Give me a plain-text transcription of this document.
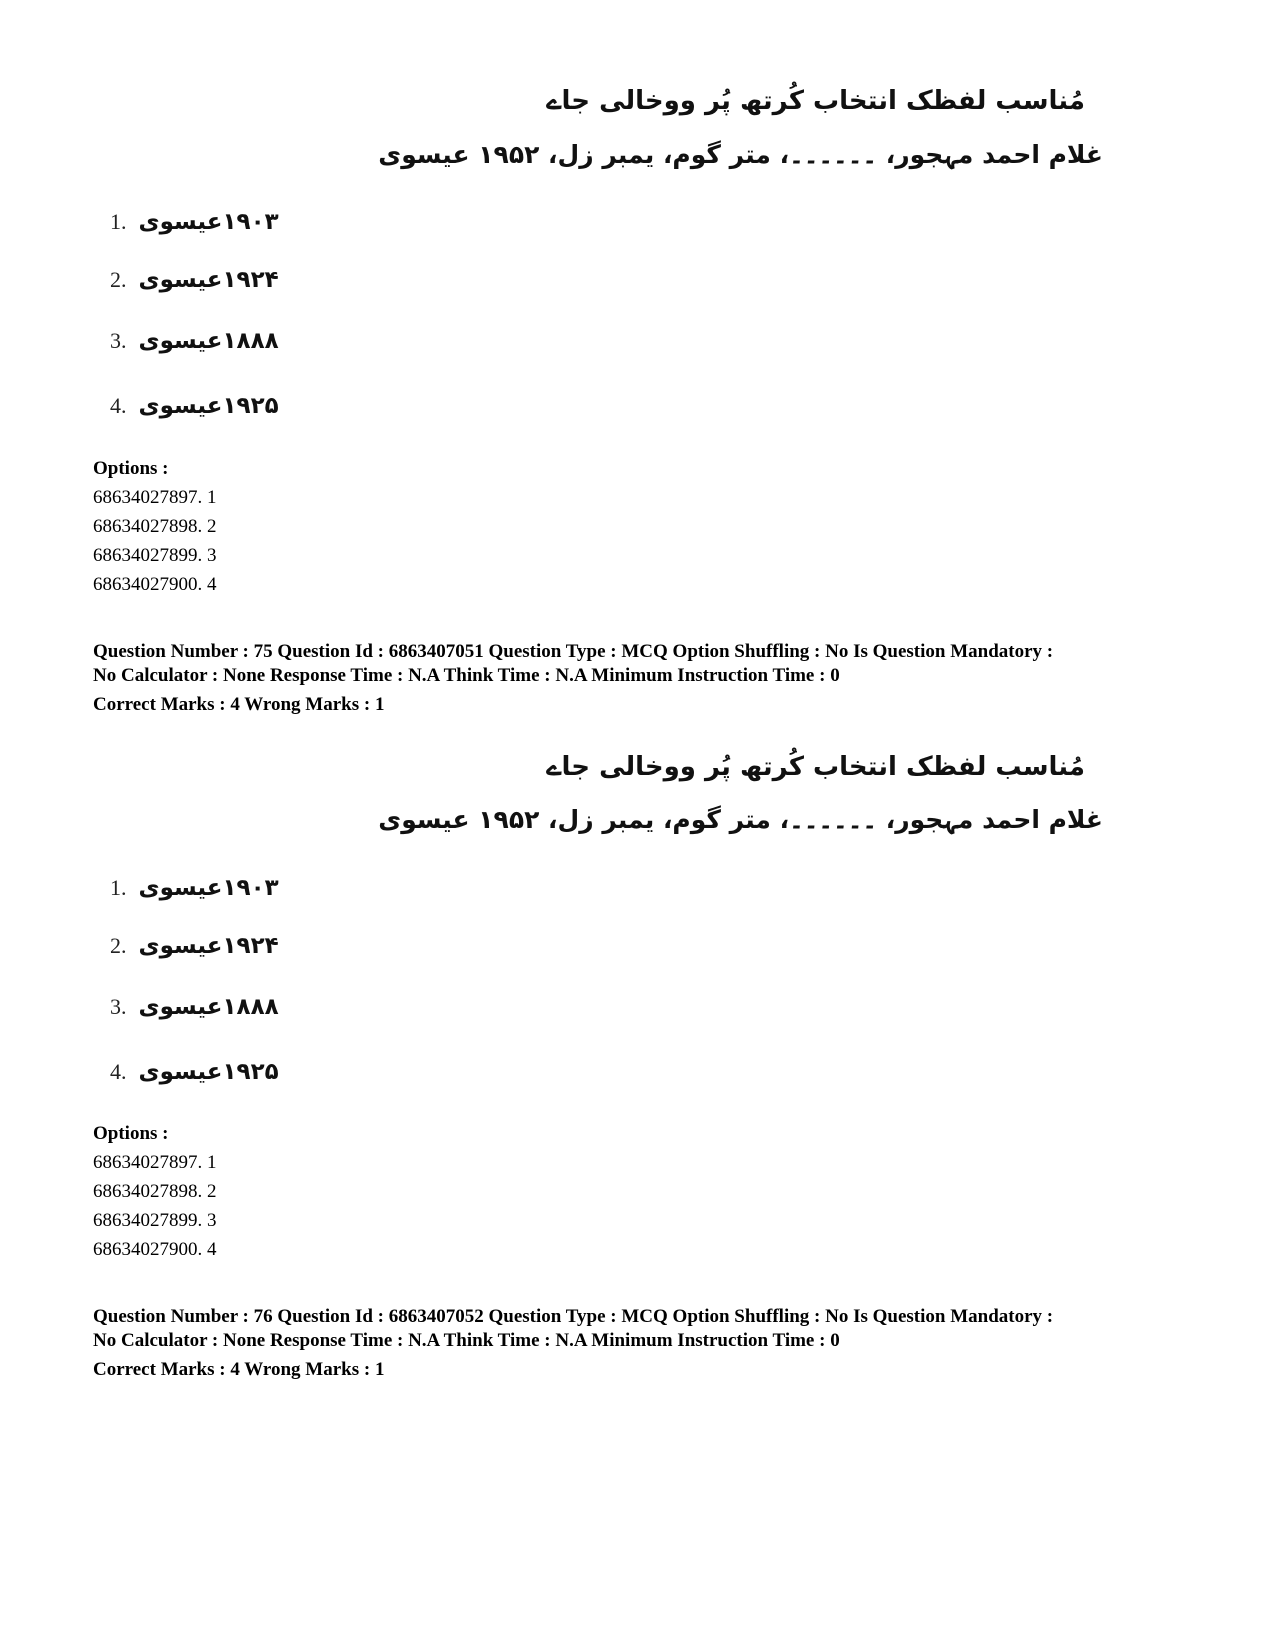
مُناسب لفظک انتخاب کُرتھ پُر ووخالی جاے
غلام احمد مہجور، ۔۔۔۔۔۔، متر گوم، یمبر زل، ۱۹۵۲ عیسوی
1. ۱۹۰۳عیسوی
2. ۱۹۲۴عیسوی
3. ۱۸۸۸عیسوی
4. ۱۹۲۵عیسوی
Options :
68634027897. 1
68634027898. 2
68634027899. 3
68634027900. 4
Question Number : 75 Question Id : 6863407051 Question Type : MCQ Option Shuffling : No Is Question Mandatory :
No Calculator : None Response Time : N.A Think Time : N.A Minimum Instruction Time : 0
Correct Marks : 4 Wrong Marks : 1
مُناسب لفظک انتخاب کُرتھ پُر ووخالی جاے
غلام احمد مہجور، ۔۔۔۔۔۔، متر گوم، یمبر زل، ۱۹۵۲ عیسوی
1. ۱۹۰۳عیسوی
2. ۱۹۲۴عیسوی
3. ۱۸۸۸عیسوی
4. ۱۹۲۵عیسوی
Options :
68634027897. 1
68634027898. 2
68634027899. 3
68634027900. 4
Question Number : 76 Question Id : 6863407052 Question Type : MCQ Option Shuffling : No Is Question Mandatory :
No Calculator : None Response Time : N.A Think Time : N.A Minimum Instruction Time : 0
Correct Marks : 4 Wrong Marks : 1
